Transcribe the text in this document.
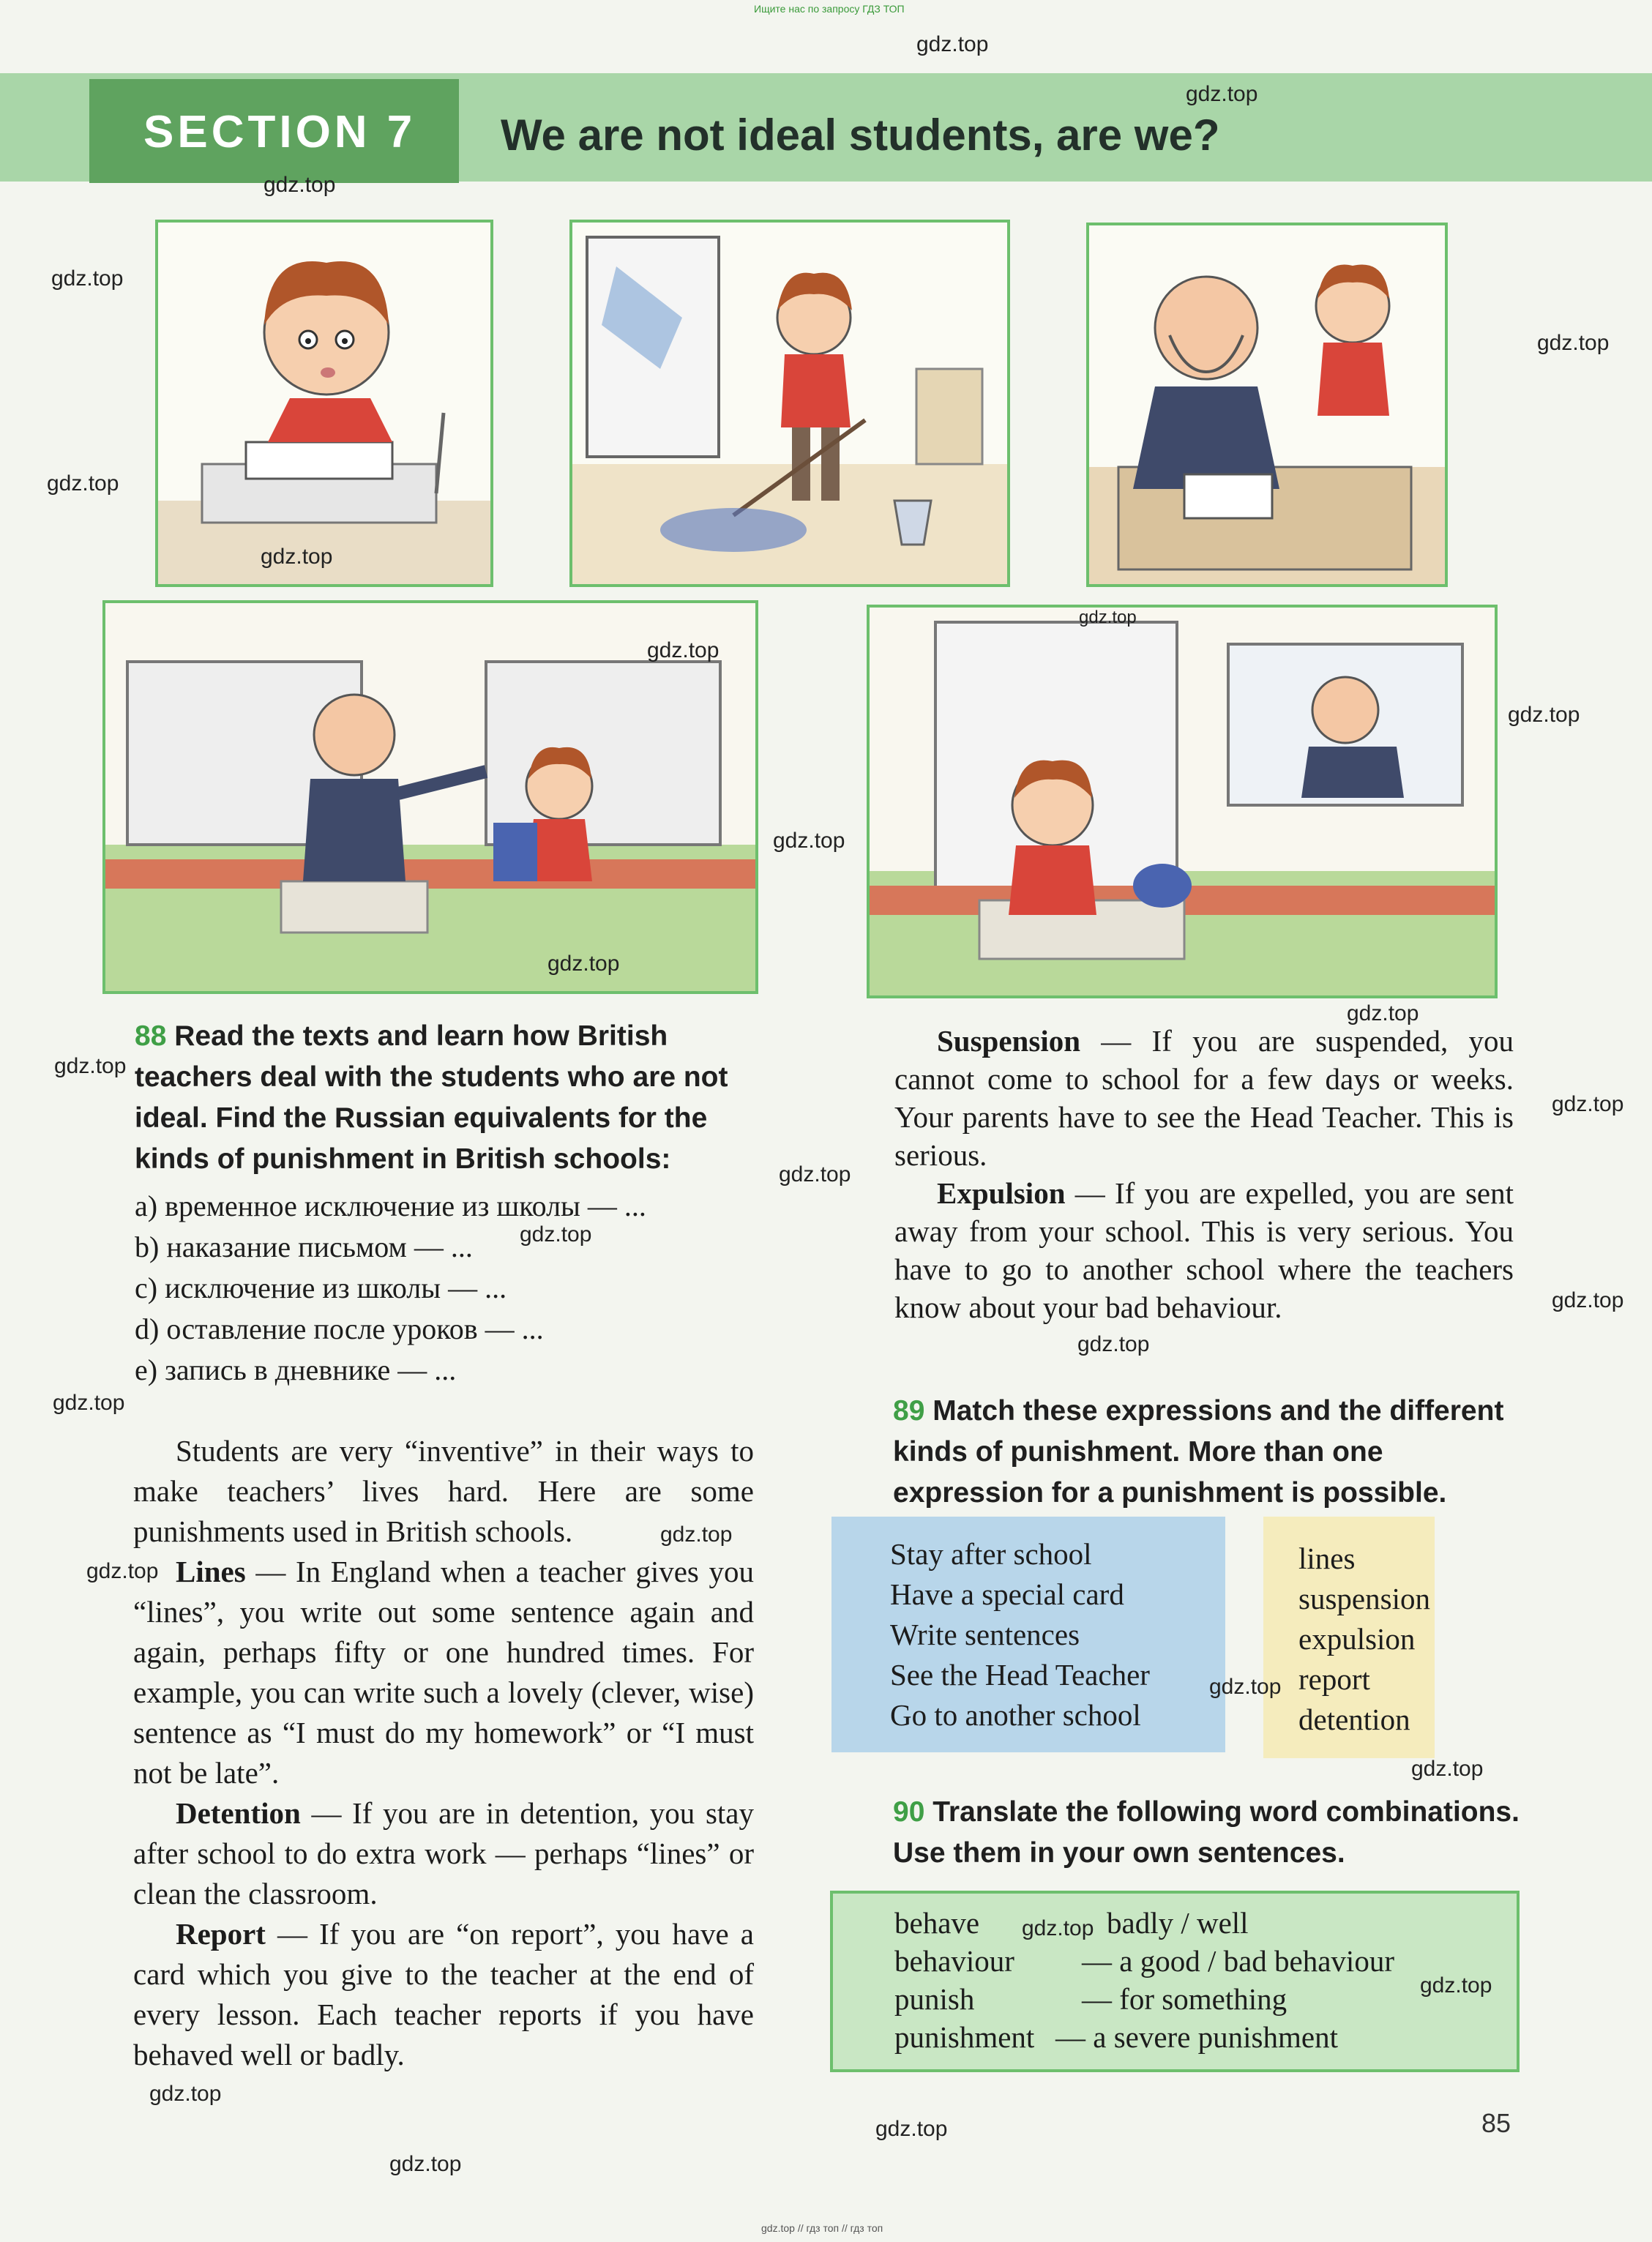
Ищите нас по запросу ГДЗ ТОП
SECTION 7 We are not ideal students, are we?
88 Read the texts and learn how British teachers deal with the students who are not ideal. Find the Russian equivalents for the kinds of punishment in British schools:
a) временное исключение из школы — ...
b) наказание письмом — ...
c) исключение из школы — ...
d) оставление после уроков — ...
e) запись в дневнике — ...

Students are very “inventive” in their ways to make teachers’ lives hard. Here are some punishments used in British schools.

Lines — In England when a teacher gives you “lines”, you write out some sentence again and again, perhaps fifty or one hundred times. For example, you can write such a lovely (clever, wise) sentence as “I must do my homework” or “I must not be late”.

Detention — If you are in detention, you stay after school to do extra work — perhaps “lines” or clean the classroom.

Report — If you are “on report”, you have a card which you give to the teacher at the end of every lesson. Each teacher reports if you have behaved well or badly.

Suspension — If you are suspended, you cannot come to school for a few days or weeks. Your parents have to see the Head Teacher. This is serious.

Expulsion — If you are expelled, you are sent away from your school. This is very serious. You have to go to another school where the teachers know about your bad behaviour.

89 Match these expressions and the different kinds of punishment. More than one expression for a punishment is possible.
Stay after school
Have a special card
Write sentences
See the Head Teacher
Go to another school
lines
suspension
expulsion
report
detention
90 Translate the following word combinations. Use them in your own sentences.
behave	badly / well
behaviour — a good / bad behaviour
punish	— for something
punishment — a severe punishment
85
gdz.top
gdz.top
gdz.top
gdz.top
gdz.top
gdz.top
gdz.top
gdz.top
gdz.top
gdz.top
gdz.top
gdz.top
gdz.top
gdz.top
gdz.top
gdz.top
gdz.top
gdz.top
gdz.top
gdz.top
gdz.top
gdz.top
gdz.top
gdz.top
gdz.top
gdz.top
gdz.top
gdz.top
gdz.top
gdz.top // гдз топ // гдз топ
